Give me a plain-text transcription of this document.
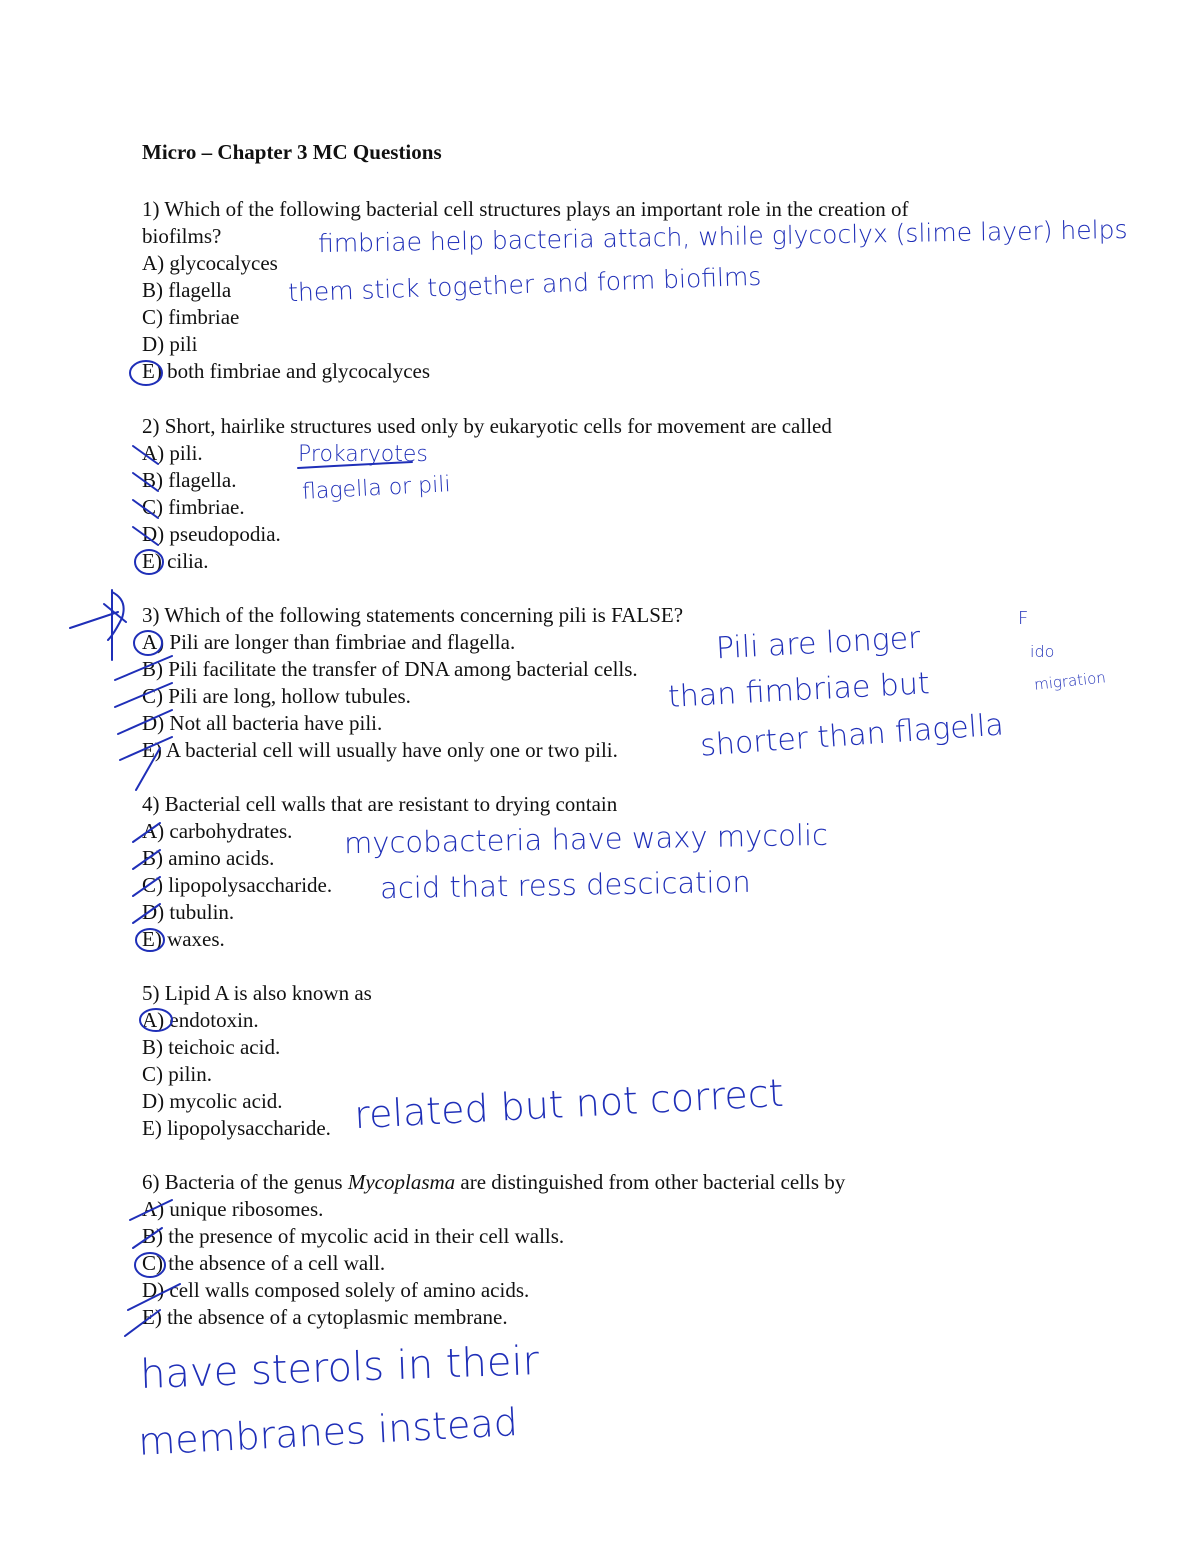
Micro – Chapter 3 MC Questions
1) Which of the following bacterial cell structures plays an important role in the creation of
biofilms?
A) glycocalyces
B) flagella
C) fimbriae
D) pili
E) both fimbriae and glycocalyces
2) Short, hairlike structures used only by eukaryotic cells for movement are called
A) pili.
B) flagella.
C) fimbriae.
D) pseudopodia.
E) cilia.
3) Which of the following statements concerning pili is FALSE?
A) Pili are longer than fimbriae and flagella.
B) Pili facilitate the transfer of DNA among bacterial cells.
C) Pili are long, hollow tubules.
D) Not all bacteria have pili.
E) A bacterial cell will usually have only one or two pili.
4) Bacterial cell walls that are resistant to drying contain
A) carbohydrates.
B) amino acids.
C) lipopolysaccharide.
D) tubulin.
E) waxes.
5) Lipid A is also known as
A) endotoxin.
B) teichoic acid.
C) pilin.
D) mycolic acid.
E) lipopolysaccharide.
6) Bacteria of the genus Mycoplasma are distinguished from other bacterial cells by
A) unique ribosomes.
B) the presence of mycolic acid in their cell walls.
C) the absence of a cell wall.
D) cell walls composed solely of amino acids.
E) the absence of a cytoplasmic membrane.
fimbriae help bacteria attach, while glycoclyx (slime layer) helps
them stick together and form biofilms
Prokaryotes
flagella or pili
Pili are longer
than fimbriae but
shorter than flagella
F
ido
migration
mycobacteria have waxy mycolic
acid that ress descication
related but not correct
have sterols in their
membranes instead
